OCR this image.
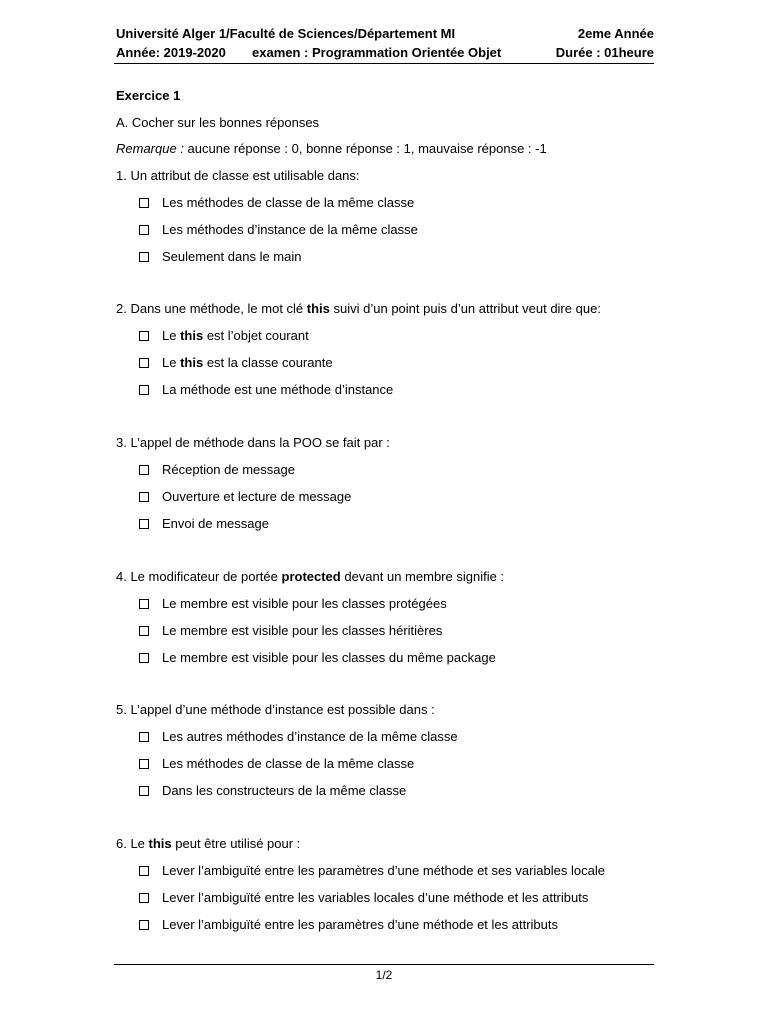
Université Alger 1/Faculté de Sciences/Département MI	2eme Année
Année: 2019-2020 examen : Programmation Orientée Objet	Durée : 01heure
Exercice 1
A. Cocher sur les bonnes réponses
Remarque : aucune réponse : 0, bonne réponse : 1, mauvaise réponse : -1
1. Un attribut de classe est utilisable dans:
Les méthodes de classe de la même classe
Les méthodes d’instance de la même classe
Seulement dans le main
2. Dans une méthode, le mot clé this suivi d’un point puis d’un attribut veut dire que:
Le this est l’objet courant
Le this est la classe courante
La méthode est une méthode d’instance
3. L’appel de méthode dans la POO se fait par :
Réception de message
Ouverture et lecture de message
Envoi de message
4. Le modificateur de portée protected devant un membre signifie :
Le membre est visible pour les classes protégées
Le membre est visible pour les classes héritières
Le membre est visible pour les classes du même package
5. L’appel d’une méthode d’instance est possible dans :
Les autres méthodes d’instance de la même classe
Les méthodes de classe de la même classe
Dans les constructeurs de la même classe
6. Le this peut être utilisé pour :
Lever l’ambiguïté entre les paramètres d’une méthode et ses variables locale
Lever l’ambiguïté entre les variables locales d’une méthode et les attributs
Lever l’ambiguïté entre les paramètres d’une méthode et les attributs
1/2
